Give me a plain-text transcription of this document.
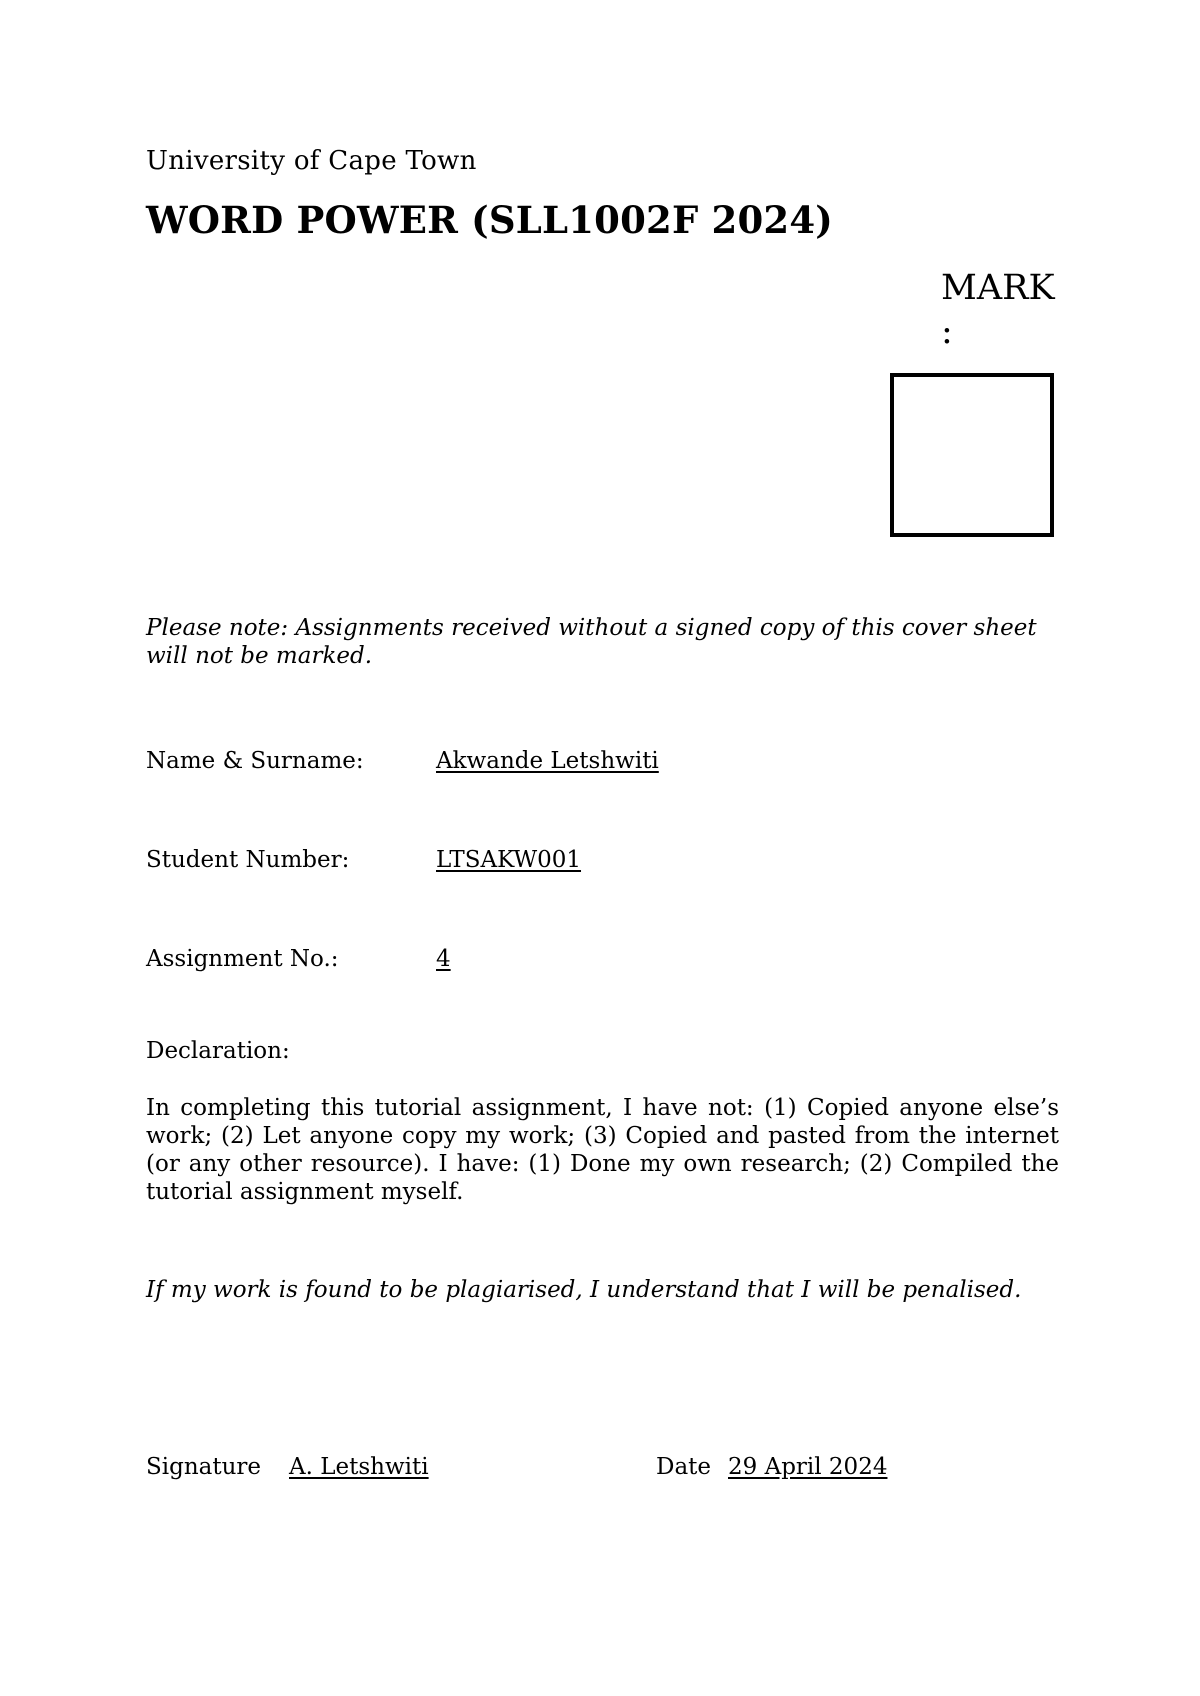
University of Cape Town
WORD POWER (SLL1002F 2024)
MARK :
Please note: Assignments received without a signed copy of this cover sheet will not be marked.
Name & Surname:	Akwande Letshwiti
Student Number:	LTSAKW001
Assignment No.:	4
Declaration:
In completing this tutorial assignment, I have not: (1) Copied anyone else’s work; (2) Let anyone copy my work; (3) Copied and pasted from the internet (or any other resource). I have: (1) Done my own research; (2) Compiled the tutorial assignment myself.
If my work is found to be plagiarised, I understand that I will be penalised.
Signature A. Letshwiti	Date 29 April 2024
